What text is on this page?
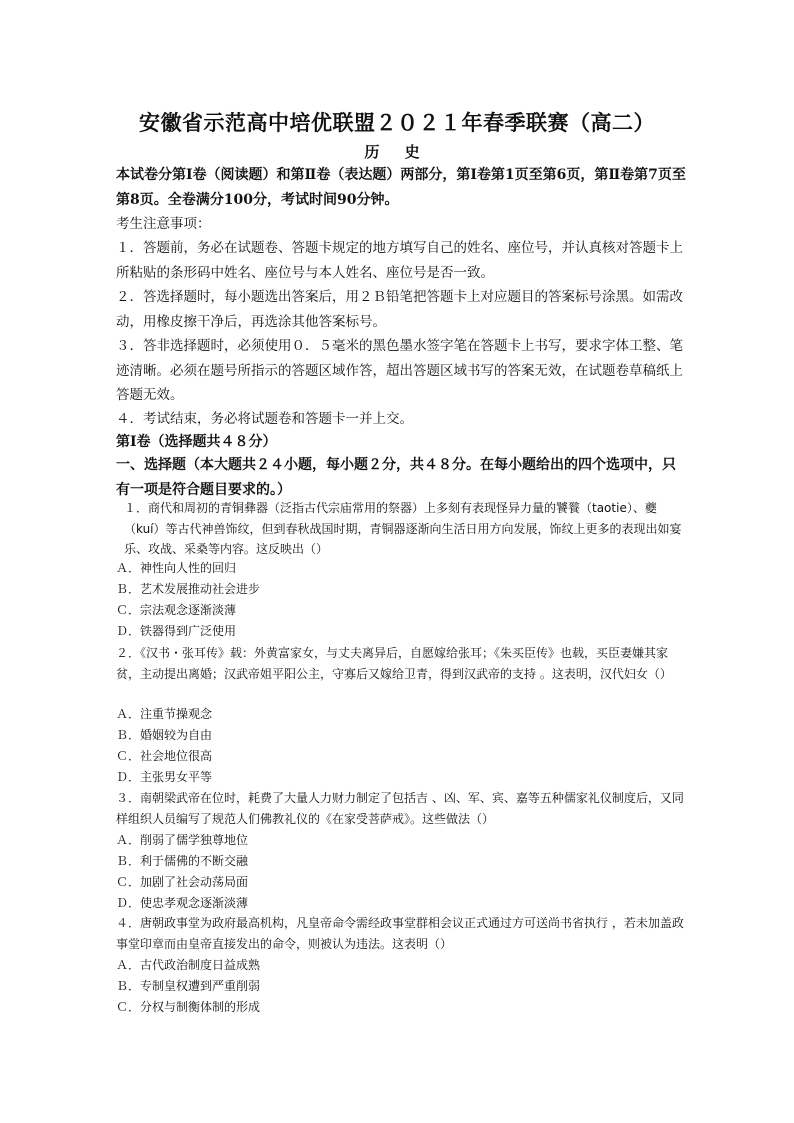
安徽省示范高中培优联盟２０２１年春季联赛（高二）
历 史

本试卷分第Ⅰ卷（阅读题）和第Ⅱ卷（表达题）两部分，第Ⅰ卷第1页至第6页，第Ⅱ卷第7页至第8页。全卷满分100分，考试时间90分钟。

考生注意事项：

１．答题前，务必在试题卷、答题卡规定的地方填写自己的姓名、座位号，并认真核对答题卡上所粘贴的条形码中姓名、座位号与本人姓名、座位号是否一致。

２．答选择题时，每小题选出答案后，用２Ｂ铅笔把答题卡上对应题目的答案标号涂黑。如需改动，用橡皮擦干净后，再选涂其他答案标号。

３．答非选择题时，必须使用０．５毫米的黑色墨水签字笔在答题卡上书写，要求字体工整、笔迹清晰。必须在题号所指示的答题区域作答，超出答题区域书写的答案无效，在试题卷草稿纸上答题无效。

４．考试结束，务必将试题卷和答题卡一并上交。

第Ⅰ卷（选择题共４８分）

一、选择题（本大题共２４小题，每小题２分，共４８分。在每小题给出的四个选项中，只有一项是符合题目要求的。）

１．商代和周初的青铜彝器（泛指古代宗庙常用的祭器）上多刻有表现怪异力量的饕餮（taotie）、夔（kuí）等古代神兽饰纹，但到春秋战国时期，青铜器逐渐向生活日用方向发展，饰纹上更多的表现出如宴乐、攻战、采桑等内容。这反映出（）

Ａ．神性向人性的回归

Ｂ．艺术发展推动社会进步

Ｃ．宗法观念逐渐淡薄

Ｄ．铁器得到广泛使用

２．《汉书・张耳传》载：外黄富家女，与丈夫离异后，自愿嫁给张耳；《朱买臣传》也载，买臣妻嫌其家贫，主动提出离婚；汉武帝姐平阳公主，守寡后又嫁给卫青，得到汉武帝的支持 。这表明，汉代妇女（）

Ａ．注重节操观念

Ｂ．婚姻较为自由

Ｃ．社会地位很高

Ｄ．主张男女平等

３．南朝梁武帝在位时，耗费了大量人力财力制定了包括吉 、凶、军、宾、嘉等五种儒家礼仪制度后，又同样组织人员编写了规范人们佛教礼仪的《在家受菩萨戒》。这些做法（）

Ａ．削弱了儒学独尊地位

Ｂ．利于儒佛的不断交融

Ｃ．加剧了社会动荡局面

Ｄ．使忠孝观念逐渐淡薄

４．唐朝政事堂为政府最高机构，凡皇帝命令需经政事堂群相会议正式通过方可送尚书省执行 ，若未加盖政事堂印章而由皇帝直接发出的命令，则被认为违法。这表明（）

Ａ．古代政治制度日益成熟

Ｂ．专制皇权遭到严重削弱

Ｃ．分权与制衡体制的形成
